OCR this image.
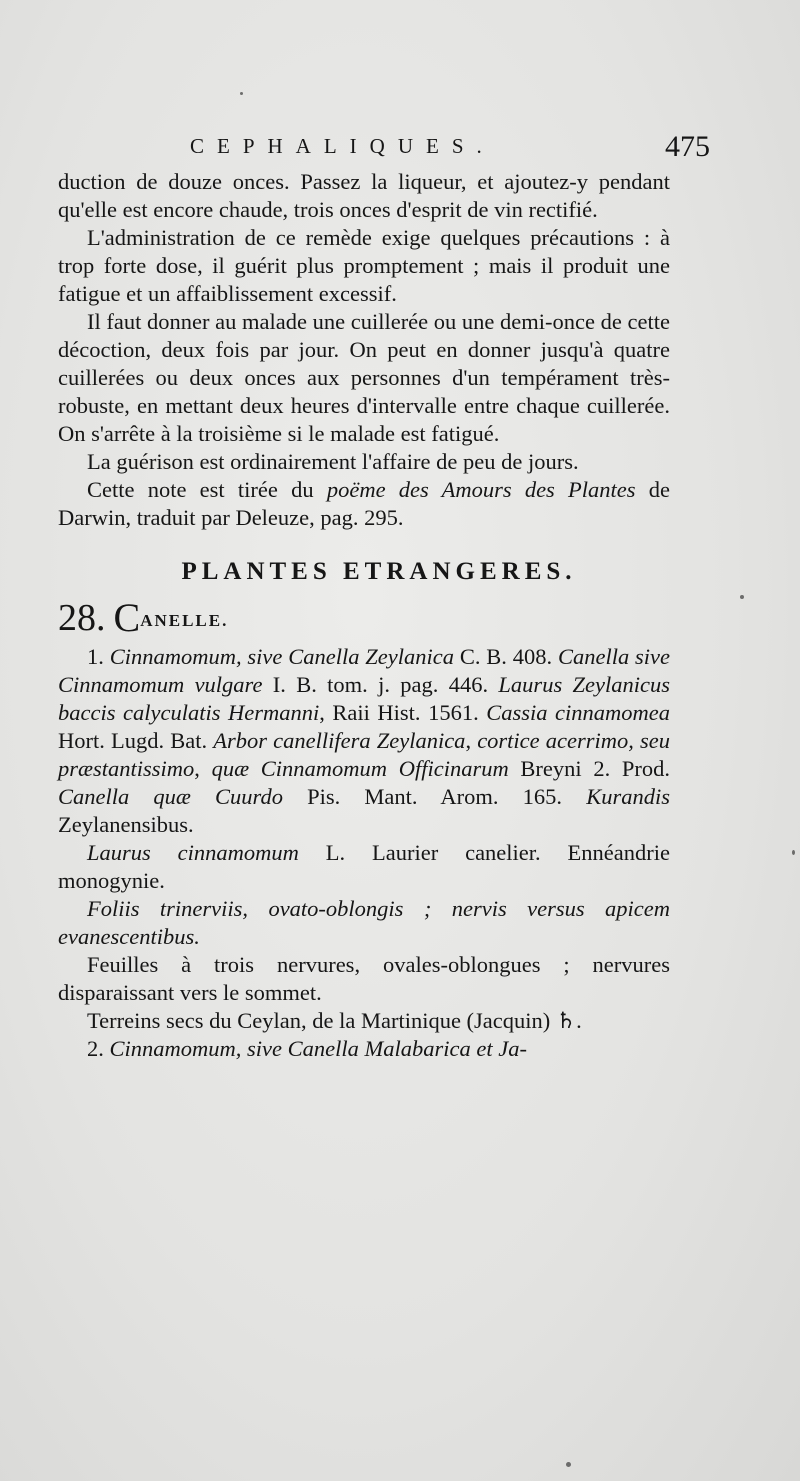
CEPHALIQUES.	475

duction de douze onces. Passez la liqueur, et ajoutez-y pendant qu'elle est encore chaude, trois onces d'esprit de vin rectifié.

L'administration de ce remède exige quelques précautions : à trop forte dose, il guérit plus promptement ; mais il produit une fatigue et un affaiblissement excessif.

Il faut donner au malade une cuillerée ou une demi-once de cette décoction, deux fois par jour. On peut en donner jusqu'à quatre cuillerées ou deux onces aux personnes d'un tempérament très-robuste, en mettant deux heures d'intervalle entre chaque cuillerée. On s'arrête à la troisième si le malade est fatigué.

La guérison est ordinairement l'affaire de peu de jours.

Cette note est tirée du poëme des Amours des Plantes de Darwin, traduit par Deleuze, pag. 295.

PLANTES ETRANGERES.

28. CANELLE.

1. Cinnamomum, sive Canella Zeylanica C. B. 408. Canella sive Cinnamomum vulgare I. B. tom. j. pag. 446. Laurus Zeylanicus baccis calyculatis Hermanni, Raii Hist. 1561. Cassia cinnamomea Hort. Lugd. Bat. Arbor canellifera Zeylanica, cortice acerrimo, seu præstantissimo, quæ Cinnamomum Officinarum Breyni 2. Prod. Canella quæ Cuurdo Pis. Mant. Arom. 165. Kurandis Zeylanensibus.

Laurus cinnamomum L. Laurier canelier. Ennéandrie monogynie.

Foliis trinerviis, ovato-oblongis ; nervis versus apicem evanescentibus.

Feuilles à trois nervures, ovales-oblongues ; nervures disparaissant vers le sommet.

Terreins secs du Ceylan, de la Martinique (Jacquin) ♄.

2. Cinnamomum, sive Canella Malabarica et Ja-
